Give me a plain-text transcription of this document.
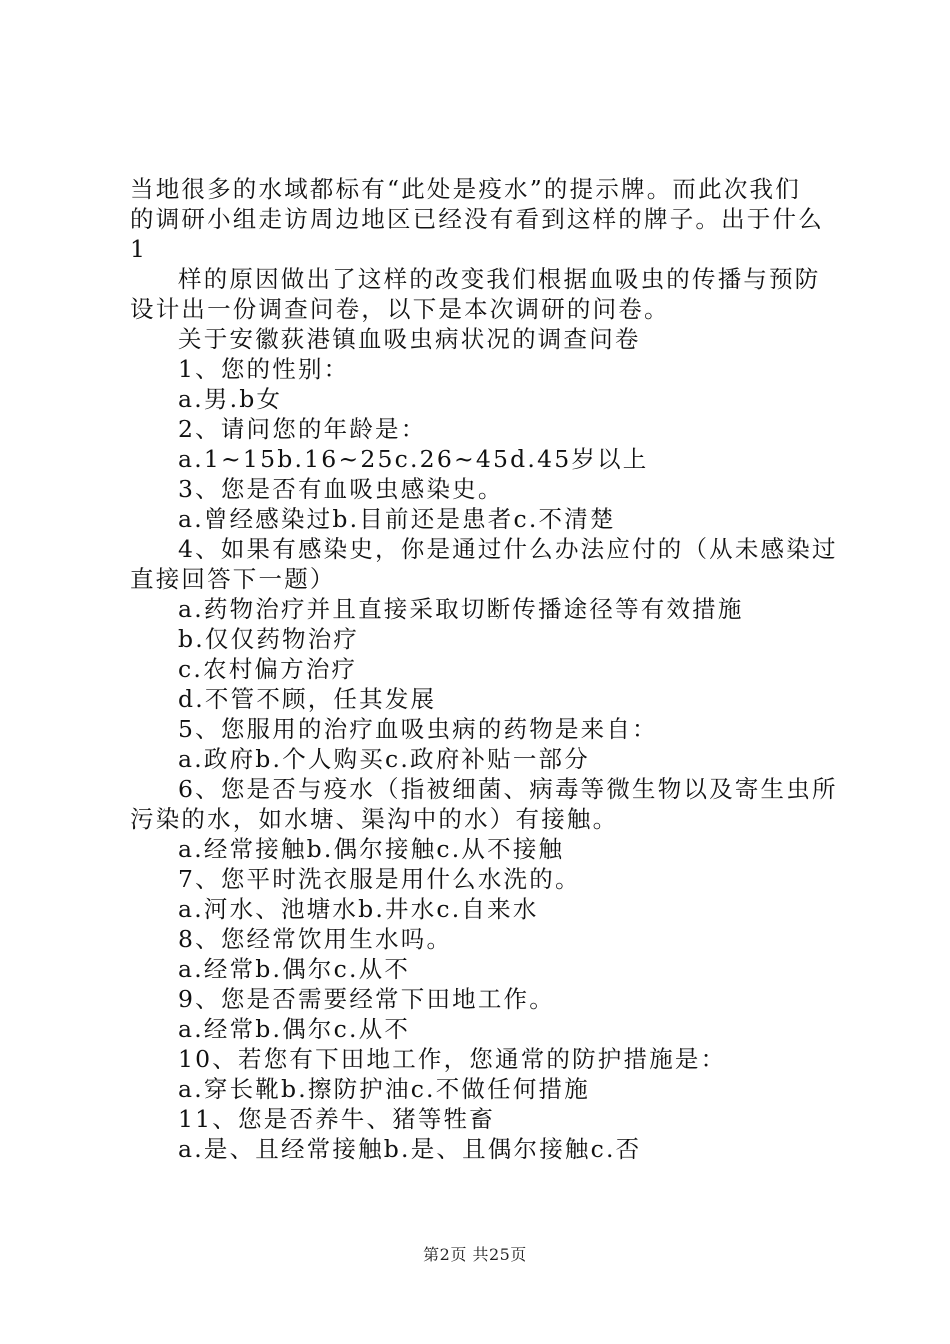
当地很多的水域都标有“此处是疫水”的提示牌。而此次我们
的调研小组走访周边地区已经没有看到这样的牌子。出于什么
1
样的原因做出了这样的改变我们根据血吸虫的传播与预防
设计出一份调查问卷，以下是本次调研的问卷。
关于安徽荻港镇血吸虫病状况的调查问卷
1、您的性别：
a.男.b女
2、请问您的年龄是：
a.1~15b.16~25c.26~45d.45岁以上
3、您是否有血吸虫感染史。
a.曾经感染过b.目前还是患者c.不清楚
4、如果有感染史，你是通过什么办法应付的（从未感染过
直接回答下一题）
a.药物治疗并且直接采取切断传播途径等有效措施
b.仅仅药物治疗
c.农村偏方治疗
d.不管不顾，任其发展
5、您服用的治疗血吸虫病的药物是来自：
a.政府b.个人购买c.政府补贴一部分
6、您是否与疫水（指被细菌、病毒等微生物以及寄生虫所
污染的水，如水塘、渠沟中的水）有接触。
a.经常接触b.偶尔接触c.从不接触
7、您平时洗衣服是用什么水洗的。
a.河水、池塘水b.井水c.自来水
8、您经常饮用生水吗。
a.经常b.偶尔c.从不
9、您是否需要经常下田地工作。
a.经常b.偶尔c.从不
10、若您有下田地工作，您通常的防护措施是：
a.穿长靴b.擦防护油c.不做任何措施
11、您是否养牛、猪等牲畜
a.是、且经常接触b.是、且偶尔接触c.否
第2页 共25页
